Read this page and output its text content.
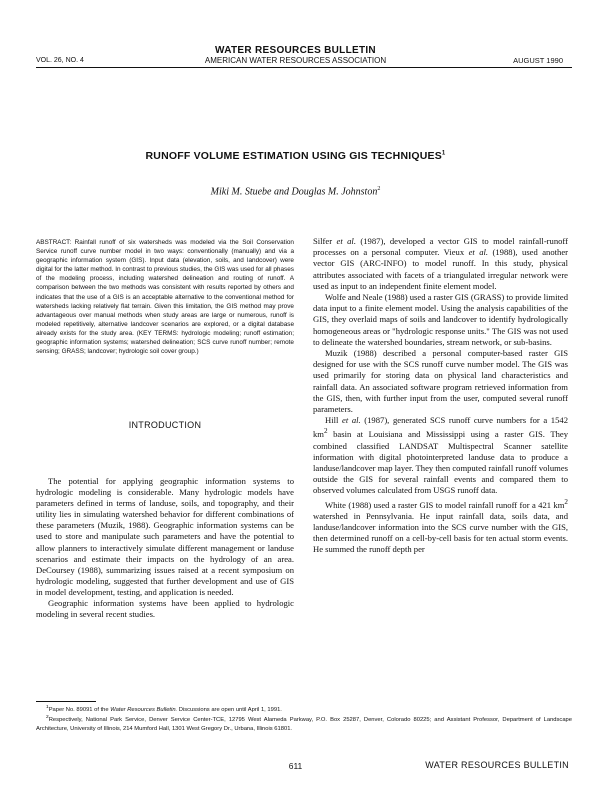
WATER RESOURCES BULLETIN
VOL. 26, NO. 4	AMERICAN WATER RESOURCES ASSOCIATION	AUGUST 1990
RUNOFF VOLUME ESTIMATION USING GIS TECHNIQUES$^1$
Miki M. Stuebe and Douglas M. Johnston$^2$

ABSTRACT: Rainfall runoff of six watersheds was modeled via the Soil Conservation Service runoff curve number model in two ways: conventionally (manually) and via a geographic information system (GIS). Input data (elevation, soils, and landcover) were digital for the latter method. In contrast to previous studies, the GIS was used for all phases of the modeling process, including watershed delineation and routing of runoff. A comparison between the two methods was consistent with results reported by others and indicates that the use of a GIS is an acceptable alternative to the conventional method for watersheds lacking relatively flat terrain. Given this limitation, the GIS method may prove advantageous over manual methods when study areas are large or numerous, runoff is modeled repetitively, alternative landcover scenarios are explored, or a digital database already exists for the study area. (KEY TERMS: hydrologic modeling; runoff estimation; geographic information systems; watershed delineation; SCS curve runoff number; remote sensing; GRASS; landcover; hydrologic soil cover group.)

INTRODUCTION

The potential for applying geographic information systems to hydrologic modeling is considerable. Many hydrologic models have parameters defined in terms of landuse, soils, and topography, and their utility lies in simulating watershed behavior for different combinations of these parameters (Muzik, 1988). Geographic information systems can be used to store and manipulate such parameters and have the potential to allow planners to interactively simulate different management or landuse scenarios and estimate their impacts on the hydrology of an area. DeCoursey (1988), summarizing issues raised at a recent symposium on hydrologic modeling, suggested that further development and use of GIS in model development, testing, and application is needed.

Geographic information systems have been applied to hydrologic modeling in several recent studies.

Silfer et al. (1987), developed a vector GIS to model rainfall-runoff processes on a personal computer. Vieux et al. (1988), used another vector GIS (ARC-INFO) to model runoff. In this study, physical attributes associated with facets of a triangulated irregular network were used as input to an independent finite element model.

Wolfe and Neale (1988) used a raster GIS (GRASS) to provide limited data input to a finite element model. Using the analysis capabilities of the GIS, they overlaid maps of soils and landcover to identify hydrologically homogeneous areas or "hydrologic response units." The GIS was not used to delineate the watershed boundaries, stream network, or sub-basins.

Muzik (1988) described a personal computer-based raster GIS designed for use with the SCS runoff curve number model. The GIS was used primarily for storing data on physical land characteristics and rainfall data. An associated software program retrieved information from the GIS, then, with further input from the user, computed several runoff parameters.

Hill et al. (1987), generated SCS runoff curve numbers for a 1542 $km^2$ basin at Louisiana and Mississippi using a raster GIS. They combined classified LANDSAT Multispectral Scanner satellite information with digital photointerpreted landuse data to produce a landuse/landcover map layer. They then computed rainfall runoff volumes outside the GIS for several rainfall events and compared them to observed volumes calculated from USGS runoff data.

White (1988) used a raster GIS to model rainfall runoff for a 421 $km^2$ watershed in Pennsylvania. He input rainfall data, soils data, and landuse/landcover information into the SCS curve number with the GIS, then determined runoff on a cell-by-cell basis for ten actual storm events. He summed the runoff depth per

$^1$Paper No. 89091 of the Water Resources Bulletin. Discussions are open until April 1, 1991.

$^2$Respectively, National Park Service, Denver Service Center-TCE, 12795 West Alameda Parkway, P.O. Box 25287, Denver, Colorado 80225; and Assistant Professor, Department of Landscape Architecture, University of Illinois, 214 Mumford Hall, 1301 West Gregory Dr., Urbana, Illinois 61801.

611	WATER RESOURCES BULLETIN
